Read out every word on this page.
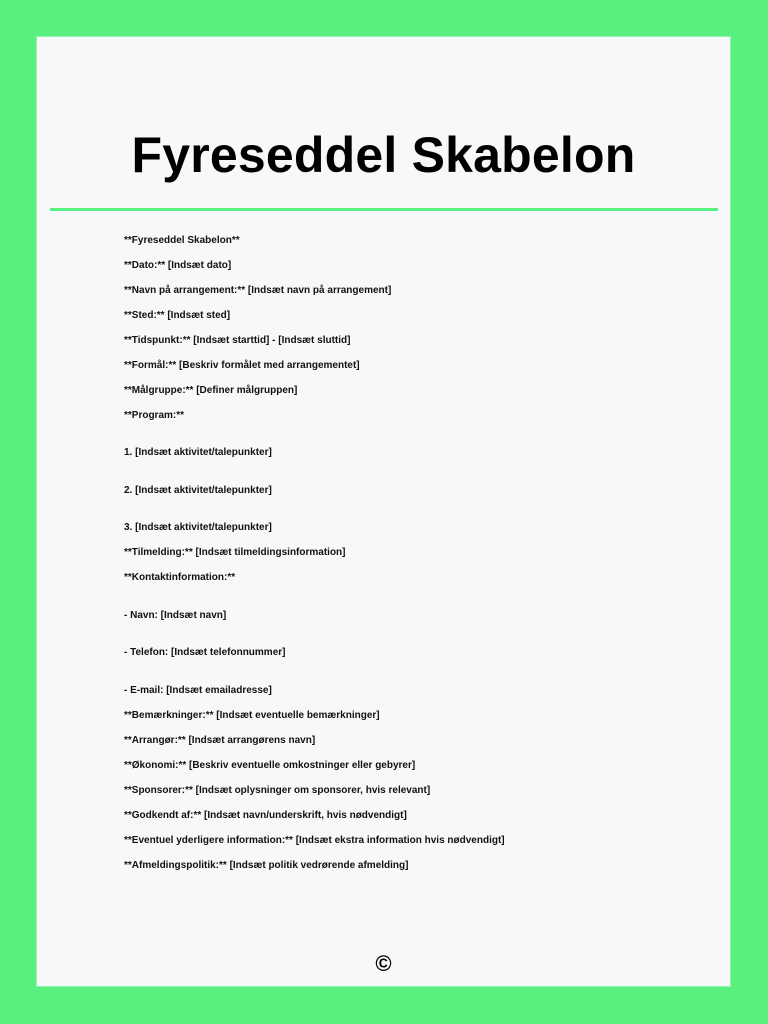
Fyreseddel Skabelon

**Fyreseddel Skabelon**

**Dato:** [Indsæt dato]

**Navn på arrangement:** [Indsæt navn på arrangement]

**Sted:** [Indsæt sted]

**Tidspunkt:** [Indsæt starttid] - [Indsæt sluttid]

**Formål:** [Beskriv formålet med arrangementet]

**Målgruppe:** [Definer målgruppen]

**Program:**

1. [Indsæt aktivitet/talepunkter]

2. [Indsæt aktivitet/talepunkter]

3. [Indsæt aktivitet/talepunkter]

**Tilmelding:** [Indsæt tilmeldingsinformation]

**Kontaktinformation:**

- Navn: [Indsæt navn]

- Telefon: [Indsæt telefonnummer]

- E-mail: [Indsæt emailadresse]

**Bemærkninger:** [Indsæt eventuelle bemærkninger]

**Arrangør:** [Indsæt arrangørens navn]

**Økonomi:** [Beskriv eventuelle omkostninger eller gebyrer]

**Sponsorer:** [Indsæt oplysninger om sponsorer, hvis relevant]

**Godkendt af:** [Indsæt navn/underskrift, hvis nødvendigt]

**Eventuel yderligere information:** [Indsæt ekstra information hvis nødvendigt]

**Afmeldingspolitik:** [Indsæt politik vedrørende afmelding]

©
